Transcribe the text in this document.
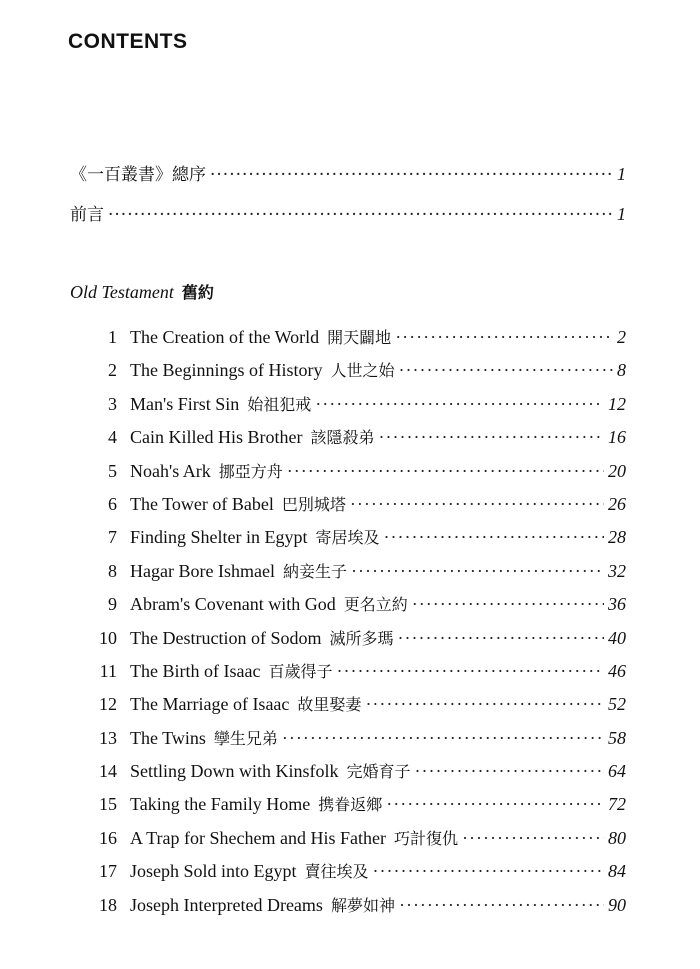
CONTENTS
《一百叢書》總序 ·····	1
前言 ·····	1
Old Testament 舊約
1 The Creation of the World 開天闢地 ·····	2
2 The Beginnings of History 人世之始 ·····	8
3 Man's First Sin 始祖犯戒 ·····	12
4 Cain Killed His Brother 該隱殺弟 ·····	16
5 Noah's Ark 挪亞方舟 ·····	20
6 The Tower of Babel 巴別城塔 ·····	26
7 Finding Shelter in Egypt 寄居埃及 ·····	28
8 Hagar Bore Ishmael 納妾生子 ·····	32
9 Abram's Covenant with God 更名立約 ·····	36
10 The Destruction of Sodom 滅所多瑪 ·····	40
11 The Birth of Isaac 百歲得子 ·····	46
12 The Marriage of Isaac 故里娶妻 ·····	52
13 The Twins 孿生兄弟 ·····	58
14 Settling Down with Kinsfolk 完婚育子 ·····	64
15 Taking the Family Home 携眷返鄉 ·····	72
16 A Trap for Shechem and His Father 巧計復仇 ·····	80
17 Joseph Sold into Egypt 賣往埃及 ·····	84
18 Joseph Interpreted Dreams 解夢如神 ·····	90
